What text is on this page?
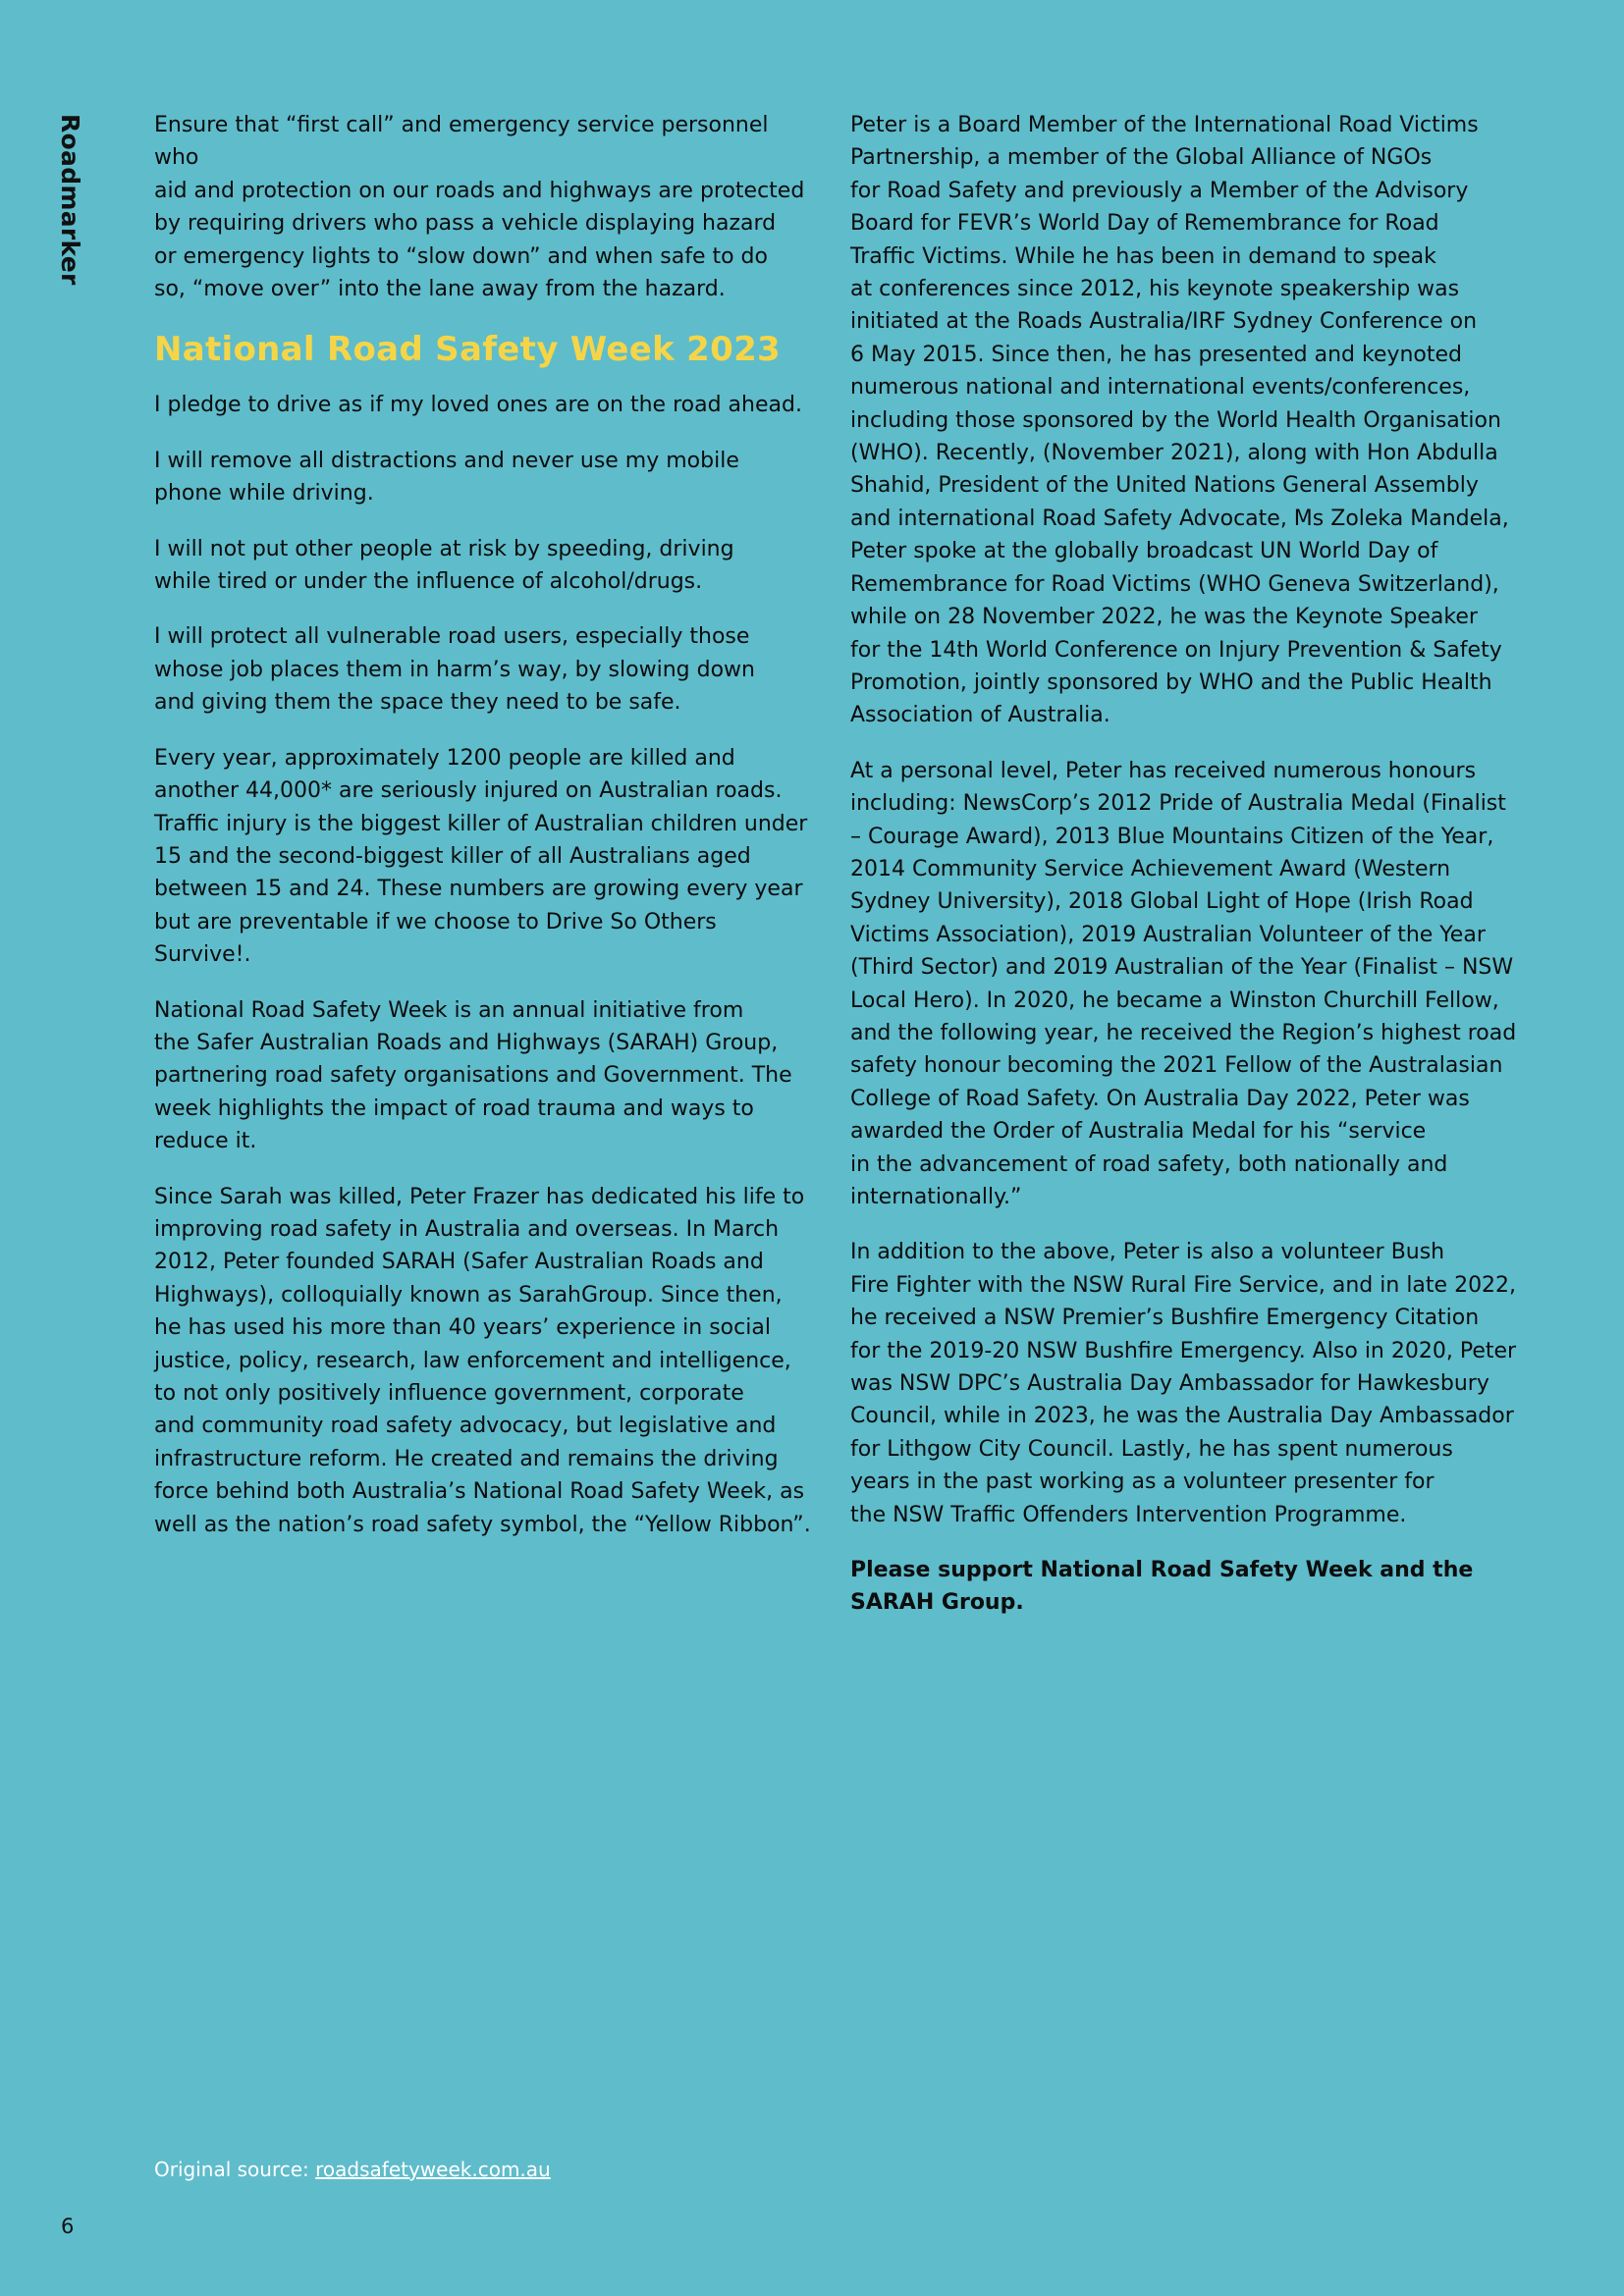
Roadmarker	Ensure that “first call” and emergency service personnel who
aid and protection on our roads and highways are protected
by requiring drivers who pass a vehicle displaying hazard
or emergency lights to “slow down” and when safe to do
so, “move over” into the lane away from the hazard.

National Road Safety Week 2023

I pledge to drive as if my loved ones are on the road ahead.

I will remove all distractions and never use my mobile
phone while driving.

I will not put other people at risk by speeding, driving
while tired or under the influence of alcohol/drugs.

I will protect all vulnerable road users, especially those
whose job places them in harm’s way, by slowing down
and giving them the space they need to be safe.

Every year, approximately 1200 people are killed and
another 44,000* are seriously injured on Australian roads.
Traffic injury is the biggest killer of Australian children under
15 and the second-biggest killer of all Australians aged
between 15 and 24. These numbers are growing every year
but are preventable if we choose to Drive So Others Survive!.

National Road Safety Week is an annual initiative from
the Safer Australian Roads and Highways (SARAH) Group,
partnering road safety organisations and Government. The
week highlights the impact of road trauma and ways to
reduce it.

Since Sarah was killed, Peter Frazer has dedicated his life to
improving road safety in Australia and overseas. In March
2012, Peter founded SARAH (Safer Australian Roads and
Highways), colloquially known as SarahGroup. Since then,
he has used his more than 40 years’ experience in social
justice, policy, research, law enforcement and intelligence,
to not only positively influence government, corporate
and community road safety advocacy, but legislative and
infrastructure reform. He created and remains the driving
force behind both Australia’s National Road Safety Week, as
well as the nation’s road safety symbol, the “Yellow Ribbon”.

Peter is a Board Member of the International Road Victims
Partnership, a member of the Global Alliance of NGOs
for Road Safety and previously a Member of the Advisory
Board for FEVR’s World Day of Remembrance for Road
Traffic Victims. While he has been in demand to speak
at conferences since 2012, his keynote speakership was
initiated at the Roads Australia/IRF Sydney Conference on
6 May 2015. Since then, he has presented and keynoted
numerous national and international events/conferences,
including those sponsored by the World Health Organisation
(WHO). Recently, (November 2021), along with Hon Abdulla
Shahid, President of the United Nations General Assembly
and international Road Safety Advocate, Ms Zoleka Mandela,
Peter spoke at the globally broadcast UN World Day of
Remembrance for Road Victims (WHO Geneva Switzerland),
while on 28 November 2022, he was the Keynote Speaker
for the 14th World Conference on Injury Prevention & Safety
Promotion, jointly sponsored by WHO and the Public Health
Association of Australia.

At a personal level, Peter has received numerous honours
including: NewsCorp’s 2012 Pride of Australia Medal (Finalist
– Courage Award), 2013 Blue Mountains Citizen of the Year,
2014 Community Service Achievement Award (Western
Sydney University), 2018 Global Light of Hope (Irish Road
Victims Association), 2019 Australian Volunteer of the Year
(Third Sector) and 2019 Australian of the Year (Finalist – NSW
Local Hero). In 2020, he became a Winston Churchill Fellow,
and the following year, he received the Region’s highest road
safety honour becoming the 2021 Fellow of the Australasian
College of Road Safety. On Australia Day 2022, Peter was
awarded the Order of Australia Medal for his “service
in the advancement of road safety, both nationally and
internationally.”

In addition to the above, Peter is also a volunteer Bush
Fire Fighter with the NSW Rural Fire Service, and in late 2022,
he received a NSW Premier’s Bushfire Emergency Citation
for the 2019-20 NSW Bushfire Emergency. Also in 2020, Peter
was NSW DPC’s Australia Day Ambassador for Hawkesbury
Council, while in 2023, he was the Australia Day Ambassador
for Lithgow City Council. Lastly, he has spent numerous
years in the past working as a volunteer presenter for
the NSW Traffic Offenders Intervention Programme.

Please support National Road Safety Week and the
SARAH Group.

Original source: roadsafetyweek.com.au
6
